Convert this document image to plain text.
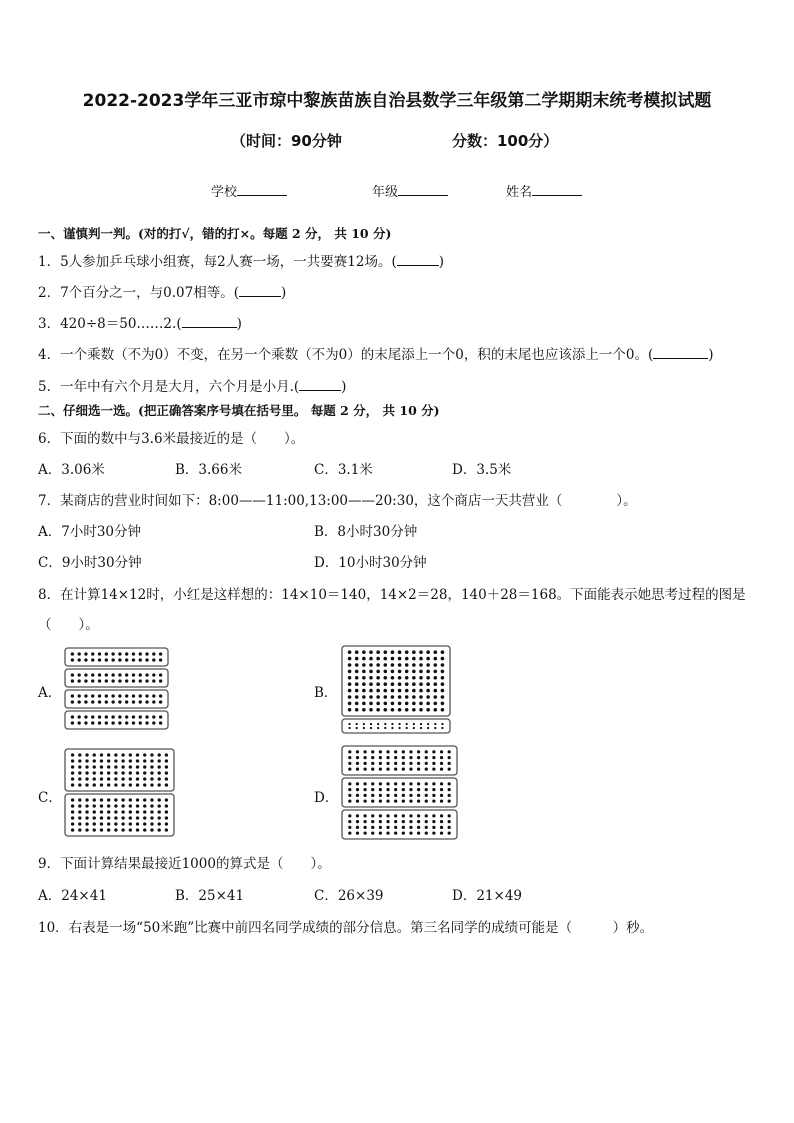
2022-2023学年三亚市琼中黎族苗族自治县数学三年级第二学期期末统考模拟试题
（时间：90分钟	分数：100分）
学校	年级	姓名
一、谨慎判一判。(对的打√，错的打×。每题 2 分， 共 10 分)
1．5人参加乒乓球小组赛，每2人赛一场，一共要赛12场。(	)
2．7个百分之一，与0.07相等。(	)
3．420÷8＝50……2.(	)
4．一个乘数（不为0）不变，在另一个乘数（不为0）的末尾添上一个0，积的末尾也应该添上一个0。(	)
5．一年中有六个月是大月，六个月是小月.(	)
二、仔细选一选。(把正确答案序号填在括号里。 每题 2 分， 共 10 分)
6．下面的数中与3.6米最接近的是（　　）。
A．3.06米	B．3.66米	C．3.1米	D．3.5米
7．某商店的营业时间如下：8:00——11:00,13:00——20:30，这个商店一天共营业（　　　　）。
A．7小时30分钟	B．8小时30分钟
C．9小时30分钟	D．10小时30分钟
8．在计算14×12时，小红是这样想的：14×10＝140，14×2＝28，140＋28＝168。下面能表示她思考过程的图是
（　　）。
A．	B．
C．	D．
9．下面计算结果最接近1000的算式是（　　）。
A．24×41	B．25×41	C．26×39	D．21×49
10．右表是一场“50米跑”比赛中前四名同学成绩的部分信息。第三名同学的成绩可能是（　　　）秒。
